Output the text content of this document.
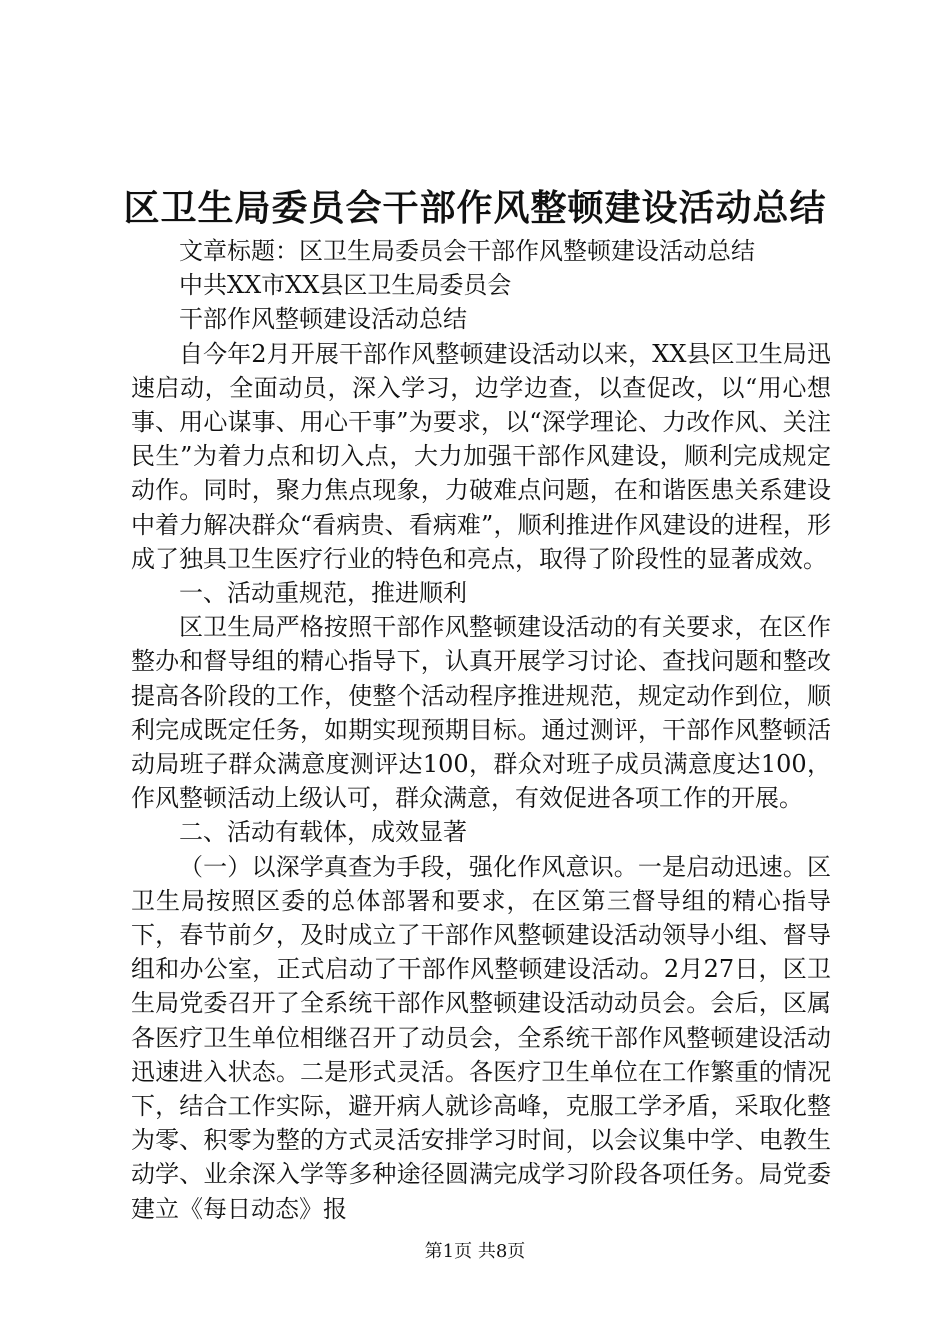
区卫生局委员会干部作风整顿建设活动总结

文章标题：区卫生局委员会干部作风整顿建设活动总结

中共XX市XX县区卫生局委员会

干部作风整顿建设活动总结

自今年2月开展干部作风整顿建设活动以来，XX县区卫生局迅速启动，全面动员，深入学习，边学边查，以查促改，以“用心想事、用心谋事、用心干事”为要求，以“深学理论、力改作风、关注民生”为着力点和切入点，大力加强干部作风建设，顺利完成规定动作。同时，聚力焦点现象，力破难点问题，在和谐医患关系建设中着力解决群众“看病贵、看病难”，顺利推进作风建设的进程，形成了独具卫生医疗行业的特色和亮点，取得了阶段性的显著成效。

一、活动重规范，推进顺利

区卫生局严格按照干部作风整顿建设活动的有关要求，在区作整办和督导组的精心指导下，认真开展学习讨论、查找问题和整改提高各阶段的工作，使整个活动程序推进规范，规定动作到位，顺利完成既定任务，如期实现预期目标。通过测评，干部作风整顿活动局班子群众满意度测评达100，群众对班子成员满意度达100，作风整顿活动上级认可，群众满意，有效促进各项工作的开展。

二、活动有载体，成效显著

（一）以深学真查为手段，强化作风意识。一是启动迅速。区卫生局按照区委的总体部署和要求，在区第三督导组的精心指导下，春节前夕，及时成立了干部作风整顿建设活动领导小组、督导组和办公室，正式启动了干部作风整顿建设活动。2月27日，区卫生局党委召开了全系统干部作风整顿建设活动动员会。会后，区属各医疗卫生单位相继召开了动员会，全系统干部作风整顿建设活动迅速进入状态。二是形式灵活。各医疗卫生单位在工作繁重的情况下，结合工作实际，避开病人就诊高峰，克服工学矛盾，采取化整为零、积零为整的方式灵活安排学习时间，以会议集中学、电教生动学、业余深入学等多种途径圆满完成学习阶段各项任务。局党委建立《每日动态》报

第1页 共8页
